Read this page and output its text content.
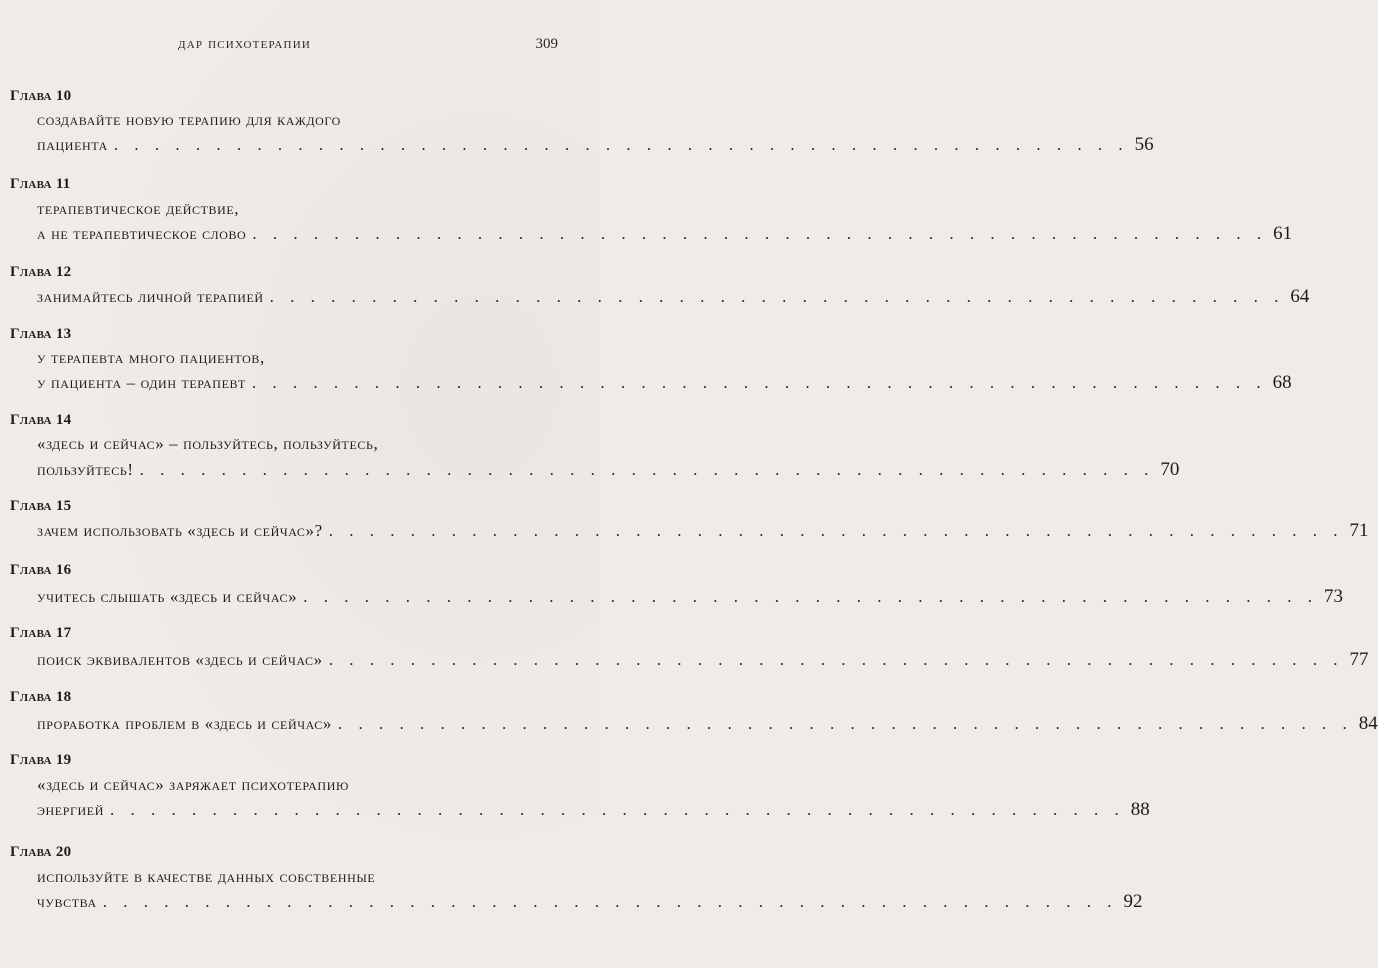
дар психотерапии	309
Глава 10
создавайте новую терапию для каждого
пациента . . . . . . . . . . . . . . . . . . . . . . . . . . . . . . . . . . . . . . . . . . . . . . . . . . 56
Глава 11
терапевтическое действие,
а не терапевтическое слово . . . . . . . . . . . . . . . . . . . . . . . . . . . . . . . . . . . . . . . . . . . . . . . . . . 61
Глава 12
занимайтесь личной терапией . . . . . . . . . . . . . . . . . . . . . . . . . . . . . . . . . . . . . . . . . . . . . . . . . . 64
Глава 13
у терапевта много пациентов,
у пациента – один терапевт . . . . . . . . . . . . . . . . . . . . . . . . . . . . . . . . . . . . . . . . . . . . . . . . . . 68
Глава 14
«здесь и сейчас» – пользуйтесь, пользуйтесь,
пользуйтесь! . . . . . . . . . . . . . . . . . . . . . . . . . . . . . . . . . . . . . . . . . . . . . . . . . . 70
Глава 15
зачем использовать «здесь и сейчас»? . . . . . . . . . . . . . . . . . . . . . . . . . . . . . . . . . . . . . . . . . . . . . . . . . . 71
Глава 16
учитесь слышать «здесь и сейчас» . . . . . . . . . . . . . . . . . . . . . . . . . . . . . . . . . . . . . . . . . . . . . . . . . . 73
Глава 17
поиск эквивалентов «здесь и сейчас» . . . . . . . . . . . . . . . . . . . . . . . . . . . . . . . . . . . . . . . . . . . . . . . . . . 77
Глава 18
проработка проблем в «здесь и сейчас» . . . . . . . . . . . . . . . . . . . . . . . . . . . . . . . . . . . . . . . . . . . . . . . . . . 84
Глава 19
«здесь и сейчас» заряжает психотерапию
энергией . . . . . . . . . . . . . . . . . . . . . . . . . . . . . . . . . . . . . . . . . . . . . . . . . . 88
Глава 20
используйте в качестве данных собственные
чувства . . . . . . . . . . . . . . . . . . . . . . . . . . . . . . . . . . . . . . . . . . . . . . . . . . 92
